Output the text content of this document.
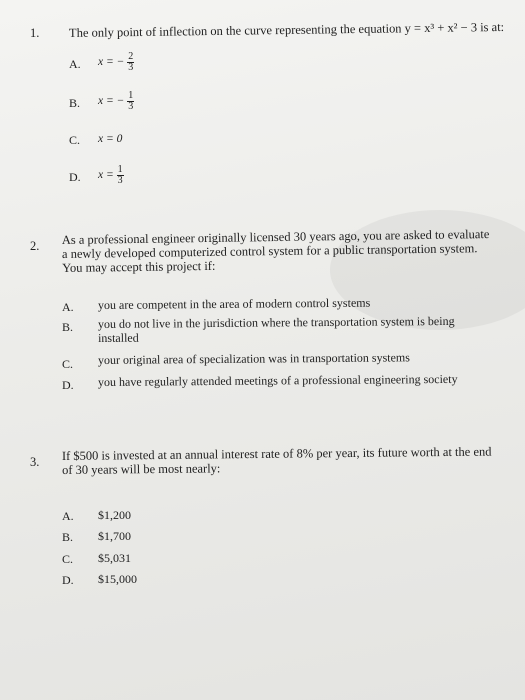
1. The only point of inflection on the curve representing the equation y = x³ + x² − 3 is at:
A. x = − $\frac{2}{3}$
B. x = − $\frac{1}{3}$
C. x = 0
D. $x = \frac{1}{3}$
2. As a professional engineer originally licensed 30 years ago, you are asked to evaluate
a newly developed computerized control system for a public transportation system.
You may accept this project if:
A. you are competent in the area of modern control systems
B. you do not live in the jurisdiction where the transportation system is being
installed
C. your original area of specialization was in transportation systems
D. you have regularly attended meetings of a professional engineering society
3. If $500 is invested at an annual interest rate of 8% per year, its future worth at the end
of 30 years will be most nearly:
A. $1,200
B. $1,700
C. $5,031
D. $15,000
